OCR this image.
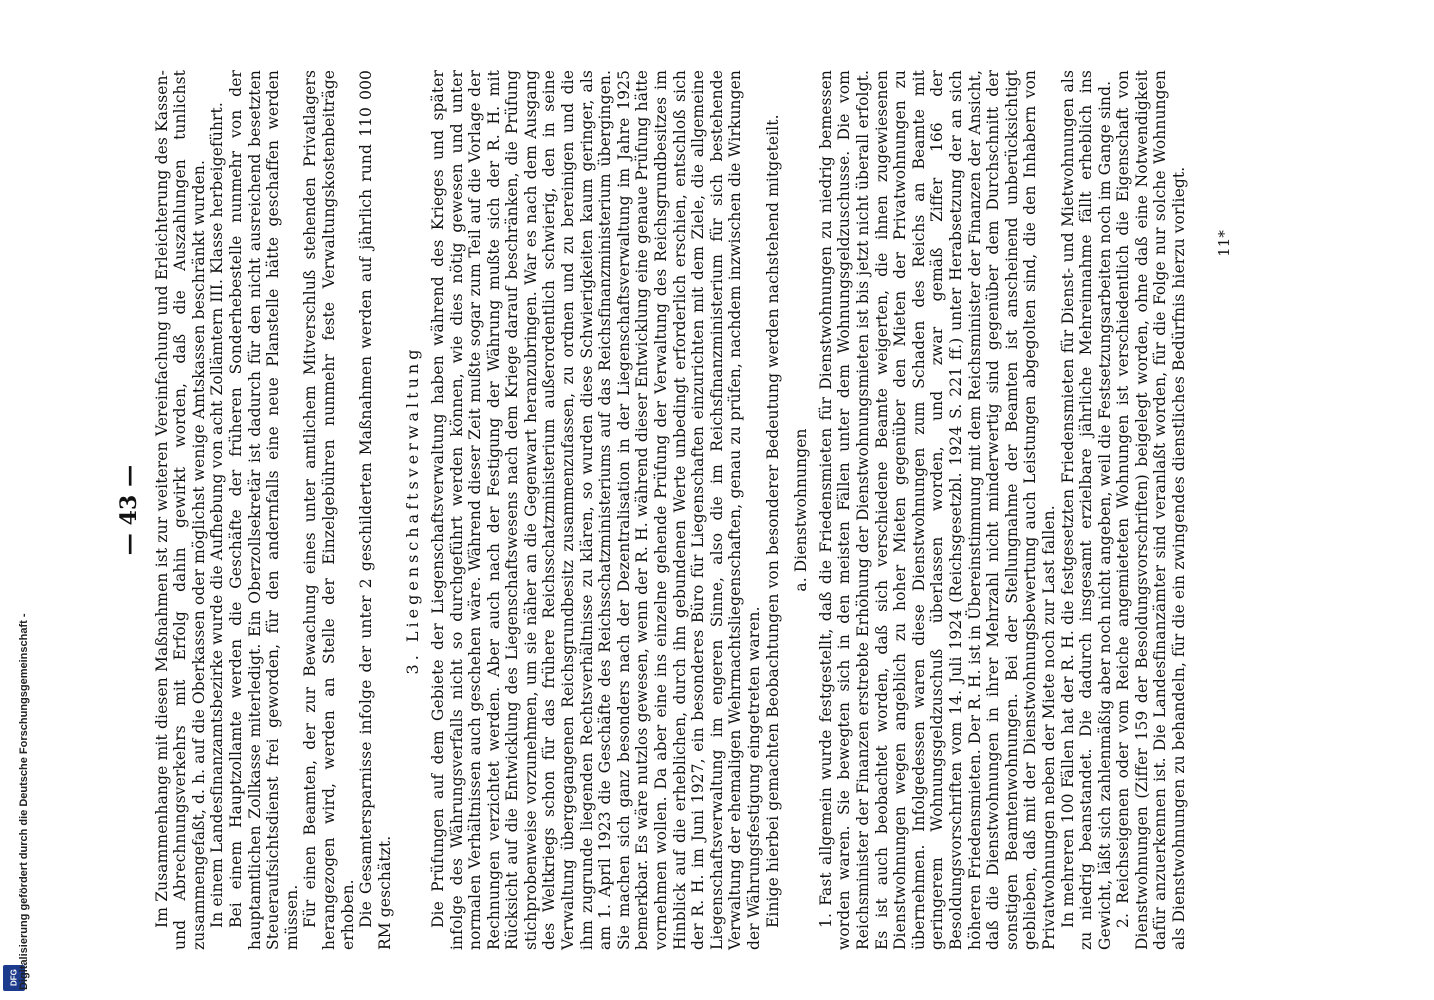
DFG Digitalisierung gefördert durch die Deutsche Forschungsgemeinschaft -
— 43 — Im Zusammenhange mit diesen Maßnahmen ist zur weiteren Vereinfachung und Erleichterung des Kassen- und Abrechnungsverkehrs mit Erfolg dahin gewirkt worden, daß die Auszahlungen tunlichst zusammengefaßt, d. h. auf die Oberkassen oder möglichst wenige Amtskassen beschränkt wurden. In einem Landesfinanzamtsbezirke wurde die Aufhebung von acht Zollämtern III. Klasse herbeigeführt. Bei einem Hauptzollamte werden die Geschäfte der früheren Sonderhebestelle nunmehr von der hauptamtlichen Zollkasse miterledigt. Ein Oberzollsekretär ist dadurch für den nicht ausreichend besetzten Steueraufsichtsdienst frei geworden, für den andernfalls eine neue Planstelle hätte geschaffen werden müssen. Für einen Beamten, der zur Bewachung eines unter amtlichem Mitverschluß stehenden Privatlagers herangezogen wird, werden an Stelle der Einzelgebühren nunmehr feste Verwaltungskostenbeiträge erhoben. Die Gesamtersparnisse infolge der unter 2 geschilderten Maßnahmen werden auf jährlich rund 110 000 RM geschätzt.

3. Liegenschaftsverwaltung Die Prüfungen auf dem Gebiete der Liegenschaftsverwaltung haben während des Krieges und später infolge des Währungsverfalls nicht so durchgeführt werden können, wie dies nötig gewesen und unter normalen Verhältnissen auch geschehen wäre. Während dieser Zeit mußte sogar zum Teil auf die Vorlage der Rechnungen verzichtet werden. Aber auch nach der Festigung der Währung mußte sich der R. H. mit Rücksicht auf die Entwicklung des Liegenschaftswesens nach dem Kriege darauf beschränken, die Prüfung stichprobenweise vorzunehmen, um sie näher an die Gegenwart heranzubringen. War es nach dem Ausgang des Weltkriegs schon für das frühere Reichsschatzministerium außerordentlich schwierig, den in seine Verwaltung übergegangenen Reichsgrundbesitz zusammenzufassen, zu ordnen und zu bereinigen und die ihm zugrunde liegenden Rechtsverhältnisse zu klären, so wurden diese Schwierigkeiten kaum geringer, als am 1. April 1923 die Geschäfte des Reichsschatzministeriums auf das Reichsfinanzministerium übergingen. Sie machen sich ganz besonders nach der Dezentralisation in der Liegenschaftsverwaltung im Jahre 1925 bemerkbar. Es wäre nutzlos gewesen, wenn der R. H. während dieser Entwicklung eine genaue Prüfung hätte vornehmen wollen. Da aber eine ins einzelne gehende Prüfung der Verwaltung des Reichsgrundbesitzes im Hinblick auf die erheblichen, durch ihn gebundenen Werte unbedingt erforderlich erschien, entschloß sich der R. H. im Juni 1927, ein besonderes Büro für Liegenschaften einzurichten mit dem Ziele, die allgemeine Liegenschaftsverwaltung im engeren Sinne, also die im Reichsfinanzministerium für sich bestehende Verwaltung der ehemaligen Wehrmachtsliegenschaften, genau zu prüfen, nachdem inzwischen die Wirkungen der Währungsfestigung eingetreten waren. Einige hierbei gemachten Beobachtungen von besonderer Bedeutung werden nachstehend mitgeteilt. a. Dienstwohnungen 1. Fast allgemein wurde festgestellt, daß die Friedensmieten für Dienstwohnungen zu niedrig bemessen worden waren. Sie bewegten sich in den meisten Fällen unter dem Wohnungsgeldzuschusse. Die vom Reichsminister der Finanzen erstrebte Erhöhung der Dienstwohnungsmieten ist bis jetzt nicht überall erfolgt. Es ist auch beobachtet worden, daß sich verschiedene Beamte weigerten, die ihnen zugewiesenen Dienstwohnungen wegen angeblich zu hoher Mieten gegenüber den Mieten der Privatwohnungen zu übernehmen. Infolgedessen waren diese Dienstwohnungen zum Schaden des Reichs an Beamte mit geringerem Wohnungsgeldzuschuß überlassen worden, und zwar gemäß Ziffer 166 der Besoldungsvorschriften vom 14. Juli 1924 (Reichsgesetzbl. 1924 S. 221 ff.) unter Herabsetzung der an sich höheren Friedensmieten. Der R. H. ist in Übereinstimmung mit dem Reichsminister der Finanzen der Ansicht, daß die Dienstwohnungen in ihrer Mehrzahl nicht minderwertig sind gegenüber dem Durchschnitt der sonstigen Beamtenwohnungen. Bei der Stellungnahme der Beamten ist anscheinend unberücksichtigt geblieben, daß mit der Dienstwohnungsbewertung auch Leistungen abgegolten sind, die den Inhabern von Privatwohnungen neben der Miete noch zur Last fallen. In mehreren 100 Fällen hat der R. H. die festgesetzten Friedensmieten für Dienst- und Mietwohnungen als zu niedrig beanstandet. Die dadurch insgesamt erzielbare jährliche Mehreinnahme fällt erheblich ins Gewicht, läßt sich zahlenmäßig aber noch nicht angeben, weil die Festsetzungsarbeiten noch im Gange sind. 2. Reichseigenen oder vom Reiche angemieteten Wohnungen ist verschiedentlich die Eigenschaft von Dienstwohnungen (Ziffer 159 der Besoldungsvorschriften) beigelegt worden, ohne daß eine Notwendigkeit dafür anzuerkennen ist. Die Landesfinanzämter sind veranlaßt worden, für die Folge nur solche Wohnungen als Dienstwohnungen zu behandeln, für die ein zwingendes dienstliches Bedürfnis hierzu vorliegt. 11*
